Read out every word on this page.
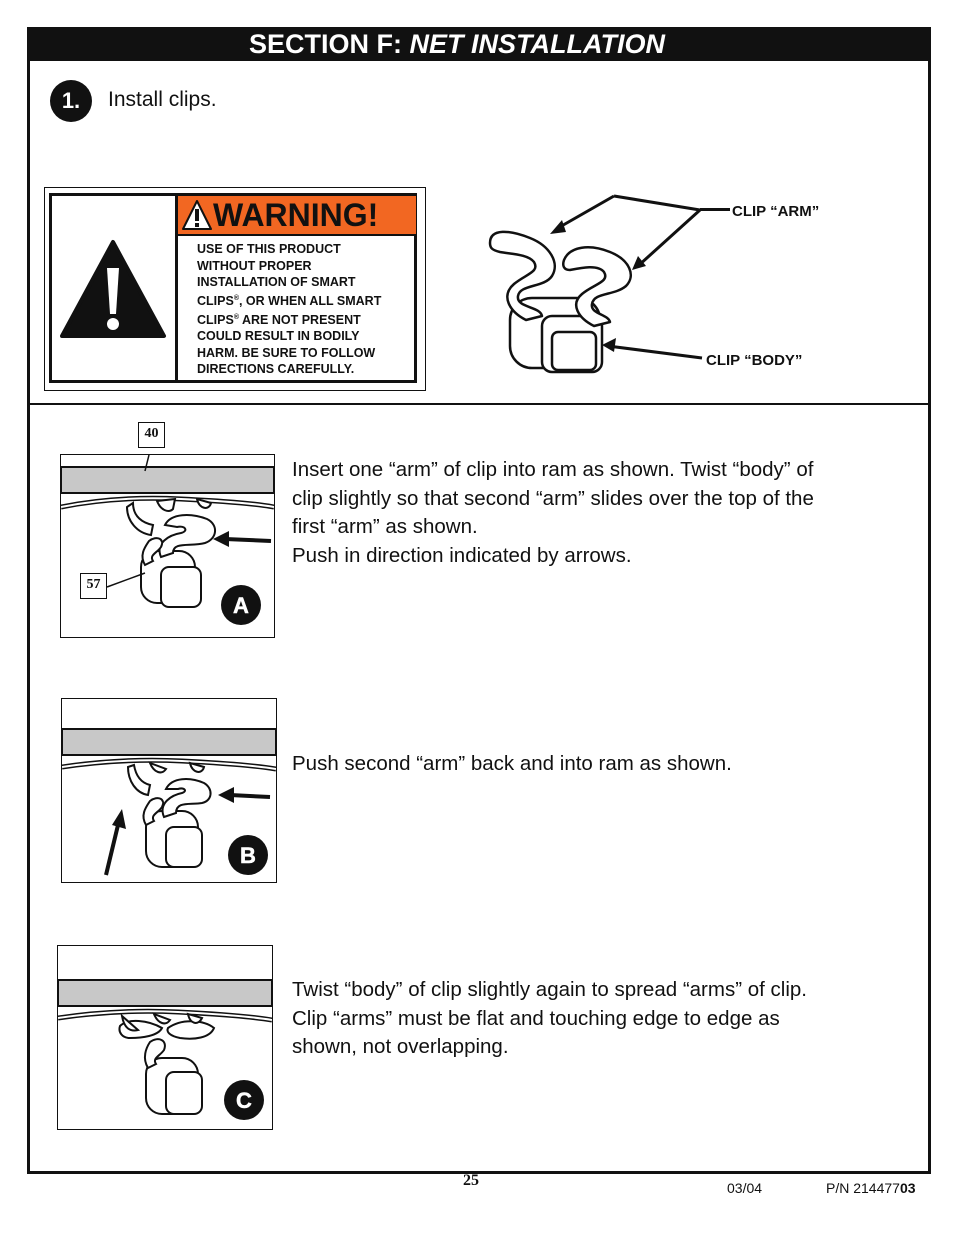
SECTION F: NET INSTALLATION
1.	Install clips.
WARNING!
USE OF THIS PRODUCT
WITHOUT PROPER
INSTALLATION OF SMART
CLIPS®, OR WHEN ALL SMART
CLIPS® ARE NOT PRESENT
COULD RESULT IN BODILY
HARM. BE SURE TO FOLLOW
DIRECTIONS CAREFULLY.
CLIP “ARM”
CLIP “BODY”
A
40
57
Insert one “arm” of clip into ram as shown. Twist “body” of
clip slightly so that second “arm” slides over the top of the
first “arm” as shown.
Push in direction indicated by arrows.
B
Push second “arm” back and into ram as shown.
C
Twist “body” of clip slightly again to spread “arms” of clip.
Clip “arms” must be flat and touching edge to edge as
shown, not overlapping.
25	03/04	P/N 21447703
